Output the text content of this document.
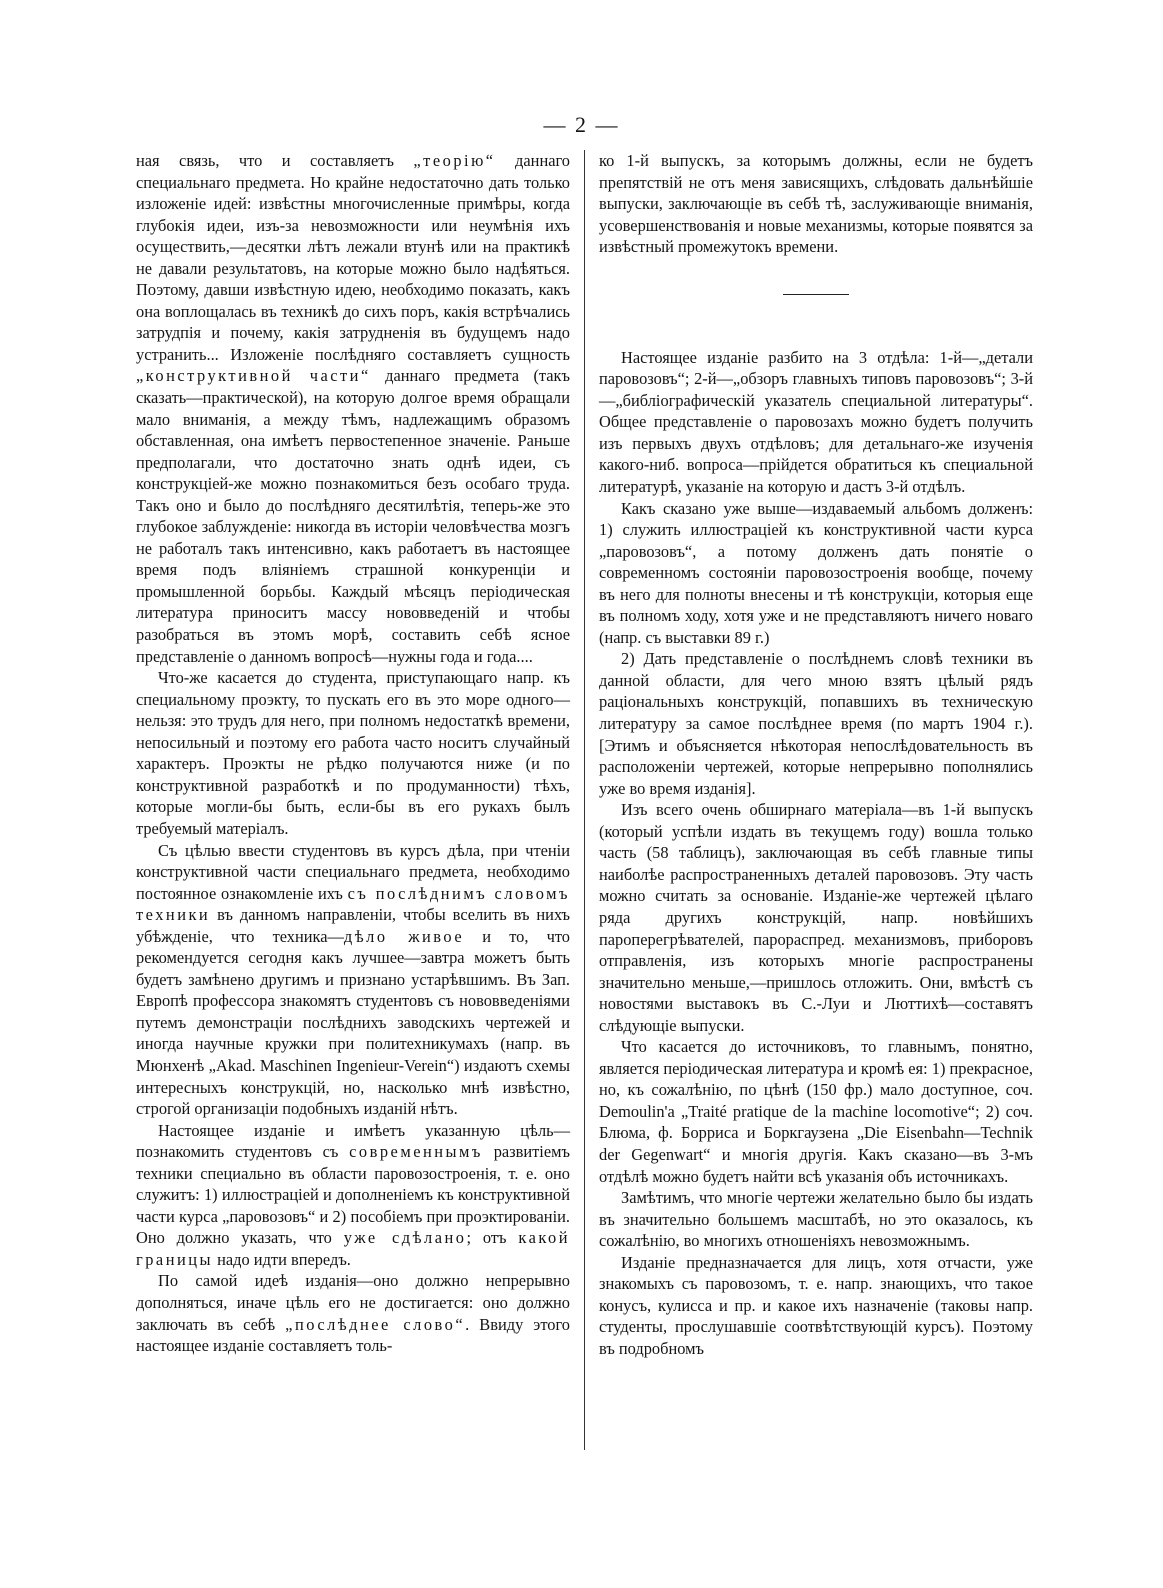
— 2 —

ная связь, что и составляетъ „теорію“ даннаго специальнаго предмета. Но крайне недостаточно дать только изложеніе идей: извѣстны многочисленные примѣры, когда глубокія идеи, изъ-за невозможности или неумѣнія ихъ осуществить,—десятки лѣтъ лежали втунѣ или на практикѣ не давали результатовъ, на которые можно было надѣяться. Поэтому, давши извѣстную идею, необходимо показать, какъ она воплощалась въ техникѣ до сихъ поръ, какія встрѣчались затрудпія и почему, какія затрудненія въ будущемъ надо устранить... Изложеніе послѣдняго составляетъ сущность „конструктивной части“ даннаго предмета (такъ сказать—практической), на которую долгое время обращали мало вниманія, а между тѣмъ, надлежащимъ образомъ обставленная, она имѣетъ первостепенное значеніе. Раньше предполагали, что достаточно знать однѣ идеи, съ конструкціей-же можно познакомиться безъ особаго труда. Такъ оно и было до послѣдняго десятилѣтія, теперь-же это глубокое заблужденіе: никогда въ исторіи человѣчества мозгъ не работалъ такъ интенсивно, какъ работаетъ въ настоящее время подъ вліяніемъ страшной конкуренціи и промышленной борьбы. Каждый мѣсяцъ періодическая литература приноситъ массу нововведеній и чтобы разобраться въ этомъ морѣ, составить себѣ ясное представленіе о данномъ вопросѣ—нужны года и года....

Что-же касается до студента, приступающаго напр. къ специальному проэкту, то пускать его въ это море одного—нельзя: это трудъ для него, при полномъ недостаткѣ времени, непосильный и поэтому его работа часто носитъ случайный характеръ. Проэкты не рѣдко получаются ниже (и по конструктивной разработкѣ и по продуманности) тѣхъ, которые могли-бы быть, если-бы въ его рукахъ былъ требуемый матеріалъ.

Съ цѣлью ввести студентовъ въ курсъ дѣла, при чтеніи конструктивной части специальнаго предмета, необходимо постоянное ознакомленіе ихъ съ послѣднимъ словомъ техники въ данномъ направленіи, чтобы вселить въ нихъ убѣжденіе, что техника—дѣло живое и то, что рекомендуется сегодня какъ лучшее—завтра можетъ быть будетъ замѣнено другимъ и признано устарѣвшимъ. Въ Зап. Европѣ профессора знакомятъ студентовъ съ нововведеніями путемъ демонстраціи послѣднихъ заводскихъ чертежей и иногда научные кружки при политехникумахъ (напр. въ Мюнхенѣ „Akad. Maschinen Ingenieur-Verein“) издаютъ схемы интересныхъ конструкцій, но, насколько мнѣ извѣстно, строгой организаціи подобныхъ изданій нѣтъ.

Настоящее изданіе и имѣетъ указанную цѣль—познакомить студентовъ съ современнымъ развитіемъ техники специально въ области паровозостроенія, т. е. оно служитъ: 1) иллюстраціей и дополненіемъ къ конструктивной части курса „паровозовъ“ и 2) пособіемъ при проэктированіи. Оно должно указать, что уже сдѣлано; отъ какой границы надо идти впередъ.

По самой идеѣ изданія—оно должно непрерывно дополняться, иначе цѣль его не достигается: оно должно заключать въ себѣ „послѣднее слово“. Ввиду этого настоящее изданіе составляетъ толь-

ко 1-й выпускъ, за которымъ должны, если не будетъ препятствій не отъ меня зависящихъ, слѣдовать дальнѣйшіе выпуски, заключающіе въ себѣ тѣ, заслуживающіе вниманія, усовершенствованія и новые механизмы, которые появятся за извѣстный промежутокъ времени.

Настоящее изданіе разбито на 3 отдѣла: 1-й—„детали паровозовъ“; 2-й—„обзоръ главныхъ типовъ паровозовъ“; 3-й—„библіографическій указатель специальной литературы“. Общее представленіе о паровозахъ можно будетъ получить изъ первыхъ двухъ отдѣловъ; для детальнаго-же изученія какого-ниб. вопроса—прійдется обратиться къ специальной литературѣ, указаніе на которую и дастъ 3-й отдѣлъ.

Какъ сказано уже выше—издаваемый альбомъ долженъ: 1) служить иллюстраціей къ конструктивной части курса „паровозовъ“, а потому долженъ дать понятіе о современномъ состояніи паровозостроенія вообще, почему въ него для полноты внесены и тѣ конструкціи, которыя еще въ полномъ ходу, хотя уже и не представляютъ ничего новаго (напр. съ выставки 89 г.)

2) Дать представленіе о послѣднемъ словѣ техники въ данной области, для чего мною взятъ цѣлый рядъ раціональныхъ конструкцій, попавшихъ въ техническую литературу за самое послѣднее время (по мартъ 1904 г.). [Этимъ и объясняется нѣкоторая непослѣдовательность въ расположеніи чертежей, которые непрерывно пополнялись уже во время изданія].

Изъ всего очень обширнаго матеріала—въ 1-й выпускъ (который успѣли издать въ текущемъ году) вошла только часть (58 таблицъ), заключающая въ себѣ главные типы наиболѣе распространенныхъ деталей паровозовъ. Эту часть можно считать за основаніе. Изданіе-же чертежей цѣлаго ряда другихъ конструкцій, напр. новѣйшихъ пароперегрѣвателей, парораспред. механизмовъ, приборовъ отправленія, изъ которыхъ многіе распространены значительно меньше,—пришлось отложить. Они, вмѣстѣ съ новостями выставокъ въ С.-Луи и Люттихѣ—составятъ слѣдующіе выпуски.

Что касается до источниковъ, то главнымъ, понятно, является періодическая литература и кромѣ ея: 1) прекрасное, но, къ сожалѣнію, по цѣнѣ (150 фр.) мало доступное, соч. Demoulin'а „Traité pratique de la machine locomotive“; 2) соч. Блюма, ф. Борриса и Боркгаузена „Die Eisenbahn—Technik der Gegenwart“ и многія другія. Какъ сказано—въ 3-мъ отдѣлѣ можно будетъ найти всѣ указанія объ источникахъ.

Замѣтимъ, что многіе чертежи желательно было бы издать въ значительно большемъ масштабѣ, но это оказалось, къ сожалѣнію, во многихъ отношеніяхъ невозможнымъ.

Изданіе предназначается для лицъ, хотя отчасти, уже знакомыхъ съ паровозомъ, т. е. напр. знающихъ, что такое конусъ, кулисса и пр. и какое ихъ назначеніе (таковы напр. студенты, прослушавшіе соотвѣтствующій курсъ). Поэтому въ подробномъ
